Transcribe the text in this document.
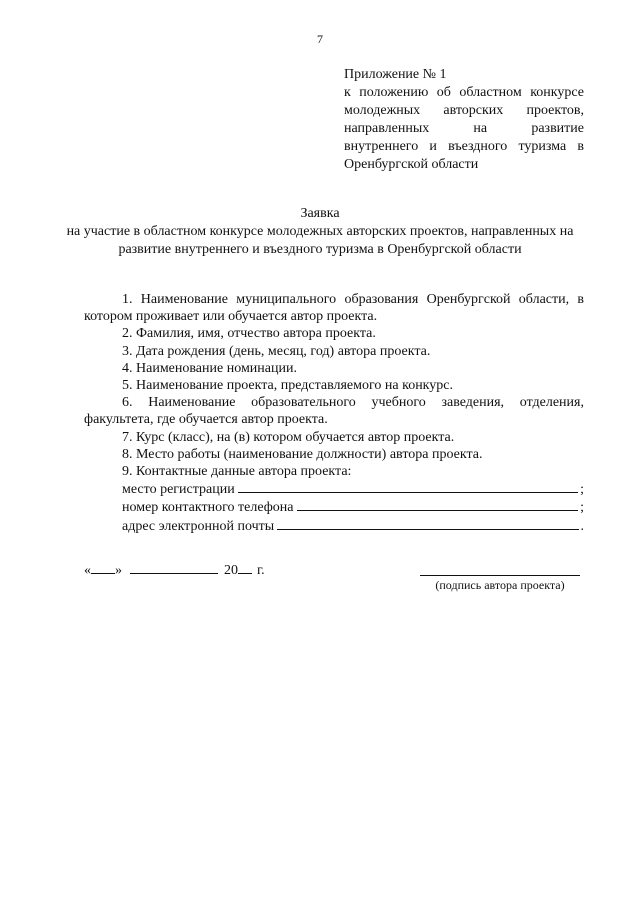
7
Приложение № 1
к положению об областном конкурсе
молодежных авторских проектов,
направленных на развитие
внутреннего и въездного туризма в
Оренбургской области
Заявка
на участие в областном конкурсе молодежных авторских проектов, направленных на развитие внутреннего и въездного туризма в Оренбургской области
1. Наименование муниципального образования Оренбургской области, в котором проживает или обучается автор проекта.
2. Фамилия, имя, отчество автора проекта.
3. Дата рождения (день, месяц, год) автора проекта.
4. Наименование номинации.
5. Наименование проекта, представляемого на конкурс.
6. Наименование образовательного учебного заведения, отделения, факультета, где обучается автор проекта.
7. Курс (класс), на (в) котором обучается автор проекта.
8. Место работы (наименование должности) автора проекта.
9. Контактные данные автора проекта:
место регистрации	;
номер контактного телефона	;
адрес электронной почты	.
« »	20 г.
(подпись автора проекта)
